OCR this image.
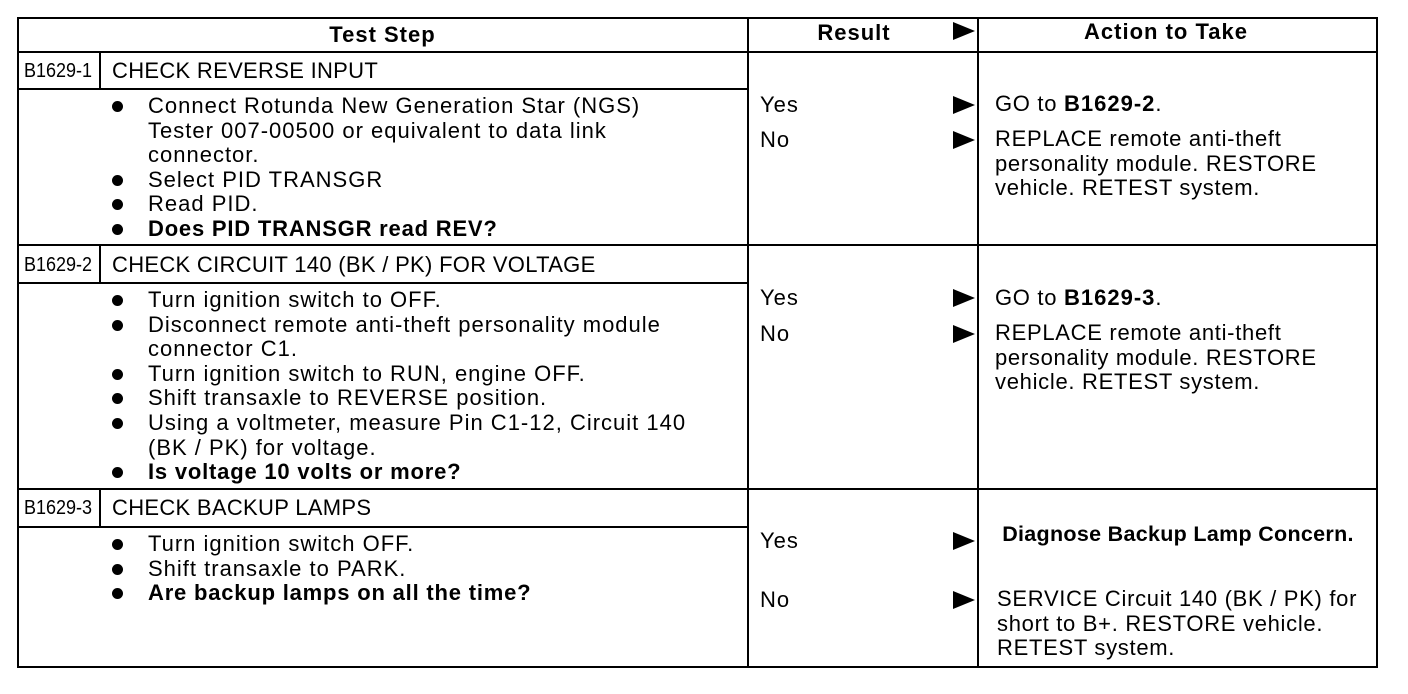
Test Step	Result	Action to Take
B1629-1 CHECK REVERSE INPUT
Connect Rotunda New Generation Star (NGS)
Tester 007-00500 or equivalent to data link
connector.
Select PID TRANSGR
Read PID.
Does PID TRANSGR read REV?
Yes
No
GO to B1629-2.
REPLACE remote anti-theft
personality module. RESTORE
vehicle. RETEST system.
B1629-2 CHECK CIRCUIT 140 (BK / PK) FOR VOLTAGE
Turn ignition switch to OFF.
Disconnect remote anti-theft personality module
connector C1.
Turn ignition switch to RUN, engine OFF.
Shift transaxle to REVERSE position.
Using a voltmeter, measure Pin C1-12, Circuit 140
(BK / PK) for voltage.
Is voltage 10 volts or more?
Yes
No
GO to B1629-3.
REPLACE remote anti-theft
personality module. RESTORE
vehicle. RETEST system.
B1629-3 CHECK BACKUP LAMPS
Turn ignition switch OFF.
Shift transaxle to PARK.
Are backup lamps on all the time?
Yes
No
Diagnose Backup Lamp Concern.
SERVICE Circuit 140 (BK / PK) for
short to B+. RESTORE vehicle.
RETEST system.
